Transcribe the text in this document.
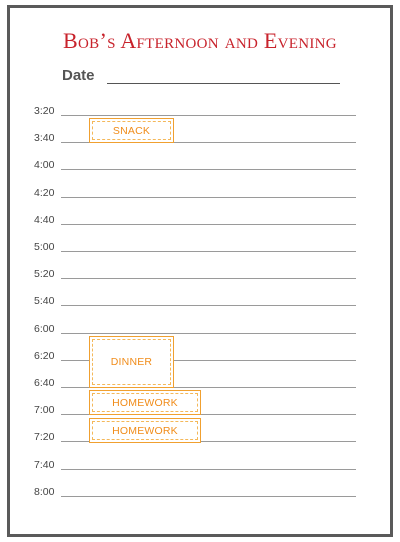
Bob’s Afternoon and Evening
Date
3:20
3:40
4:00
4:20
4:40
5:00
5:20
5:40
6:00
6:20
6:40
7:00
7:20
7:40
8:00
SNACK
DINNER
HOMEWORK
HOMEWORK
